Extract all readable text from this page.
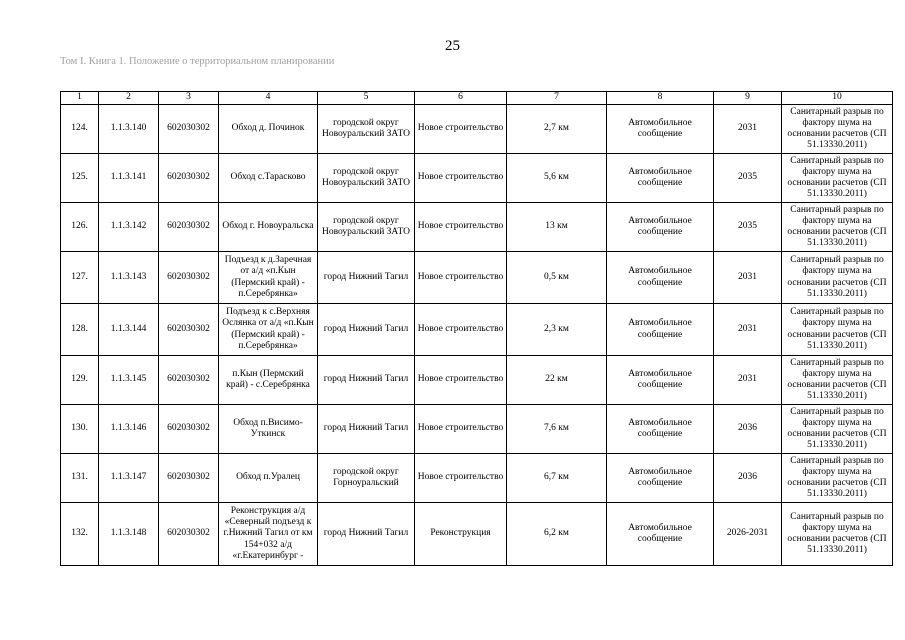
25
Том I. Книга 1. Положение о территориальном планировании
1	2	3	4	5	6	7	8	9	10
124.	1.1.3.140	602030302	Обход д. Починок	городской округ Новоуральский ЗАТО	Новое строительство	2,7 км	Автомобильное сообщение	2031	Санитарный разрыв по фактору шума на основании расчетов (СП 51.13330.2011)
125.	1.1.3.141	602030302	Обход с.Тарасково	городской округ Новоуральский ЗАТО	Новое строительство	5,6 км	Автомобильное сообщение	2035	Санитарный разрыв по фактору шума на основании расчетов (СП 51.13330.2011)
126.	1.1.3.142	602030302	Обход г. Новоуральска	городской округ Новоуральский ЗАТО	Новое строительство	13 км	Автомобильное сообщение	2035	Санитарный разрыв по фактору шума на основании расчетов (СП 51.13330.2011)
127.	1.1.3.143	602030302	Подъезд к д.Заречная от а/д «п.Кын (Пермский край) - п.Серебрянка»	город Нижний Тагил	Новое строительство	0,5 км	Автомобильное сообщение	2031	Санитарный разрыв по фактору шума на основании расчетов (СП 51.13330.2011)
128.	1.1.3.144	602030302	Подъезд к с.Верхняя Ослянка от а/д «п.Кын (Пермский край) - п.Серебрянка»	город Нижний Тагил	Новое строительство	2,3 км	Автомобильное сообщение	2031	Санитарный разрыв по фактору шума на основании расчетов (СП 51.13330.2011)
129.	1.1.3.145	602030302	п.Кын (Пермский край) - с.Серебрянка	город Нижний Тагил	Новое строительство	22 км	Автомобильное сообщение	2031	Санитарный разрыв по фактору шума на основании расчетов (СП 51.13330.2011)
130.	1.1.3.146	602030302	Обход п.Висимо-Уткинск	город Нижний Тагил	Новое строительство	7,6 км	Автомобильное сообщение	2036	Санитарный разрыв по фактору шума на основании расчетов (СП 51.13330.2011)
131.	1.1.3.147	602030302	Обход п.Уралец	городской округ Горноуральский	Новое строительство	6,7 км	Автомобильное сообщение	2036	Санитарный разрыв по фактору шума на основании расчетов (СП 51.13330.2011)
132.	1.1.3.148	602030302	Реконструкция а/д «Северный подъезд к г.Нижний Тагил от км 154+032 а/д «г.Екатеринбург -	город Нижний Тагил	Реконструкция	6,2 км	Автомобильное сообщение	2026-2031	Санитарный разрыв по фактору шума на основании расчетов (СП 51.13330.2011)
